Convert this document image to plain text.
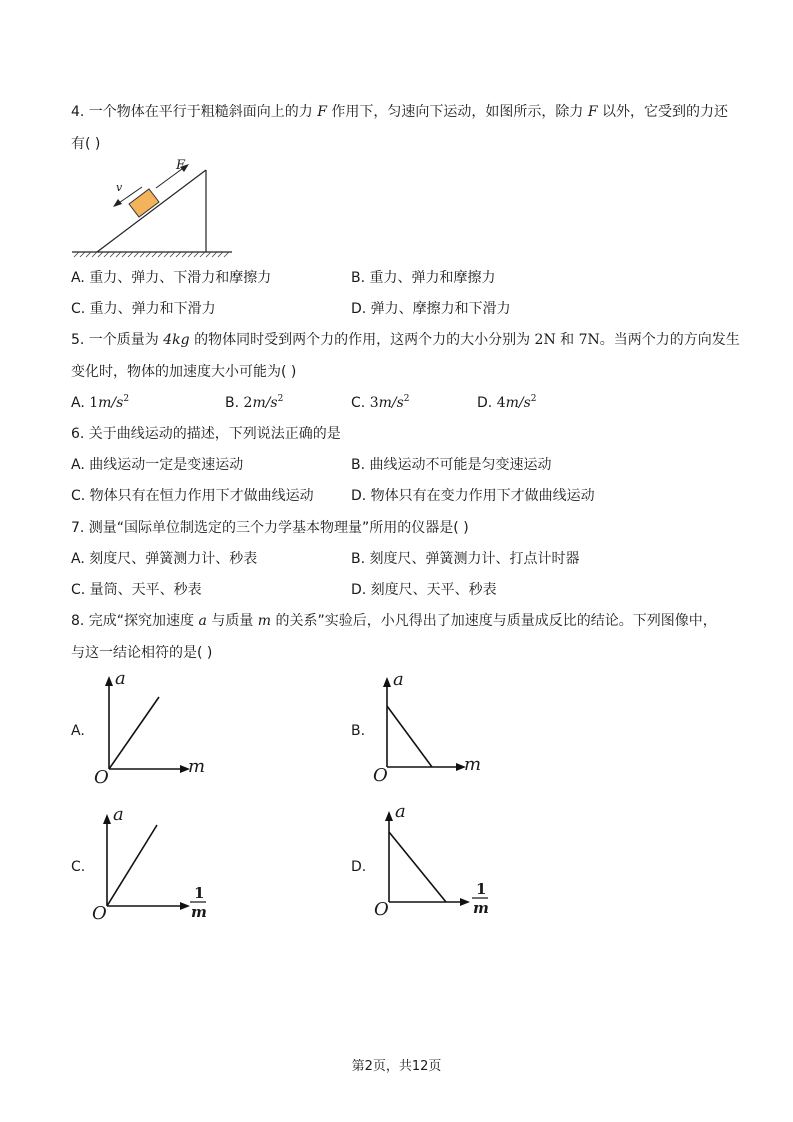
4. 一个物体在平行于粗糙斜面向上的力 F 作用下，匀速向下运动，如图所示，除力 F 以外，它受到的力还
有( )
F
v
A. 重力、弹力、下滑力和摩擦力	B. 重力、弹力和摩擦力
C. 重力、弹力和下滑力	D. 弹力、摩擦力和下滑力
5. 一个质量为 4kg 的物体同时受到两个力的作用，这两个力的大小分别为 2N 和 7N。当两个力的方向发生
变化时，物体的加速度大小可能为( )
A. $1m/s^2$	B. $2m/s^2$	C. $3m/s^2$	D. $4m/s^2$
6. 关于曲线运动的描述，下列说法正确的是
A. 曲线运动一定是变速运动	B. 曲线运动不可能是匀变速运动
C. 物体只有在恒力作用下才做曲线运动	D. 物体只有在变力作用下才做曲线运动
7. 测量“国际单位制选定的三个力学基本物理量”所用的仪器是( )
A. 刻度尺、弹簧测力计、秒表	B. 刻度尺、弹簧测力计、打点计时器
C. 量筒、天平、秒表	D. 刻度尺、天平、秒表
8. 完成“探究加速度 a 与质量 m 的关系”实验后，小凡得出了加速度与质量成反比的结论。下列图像中，
与这一结论相符的是( )
A.	B.
C.	D.
a
O
m
a
O
m
a
O
1
m
a
O
1
m
第2页，共12页
